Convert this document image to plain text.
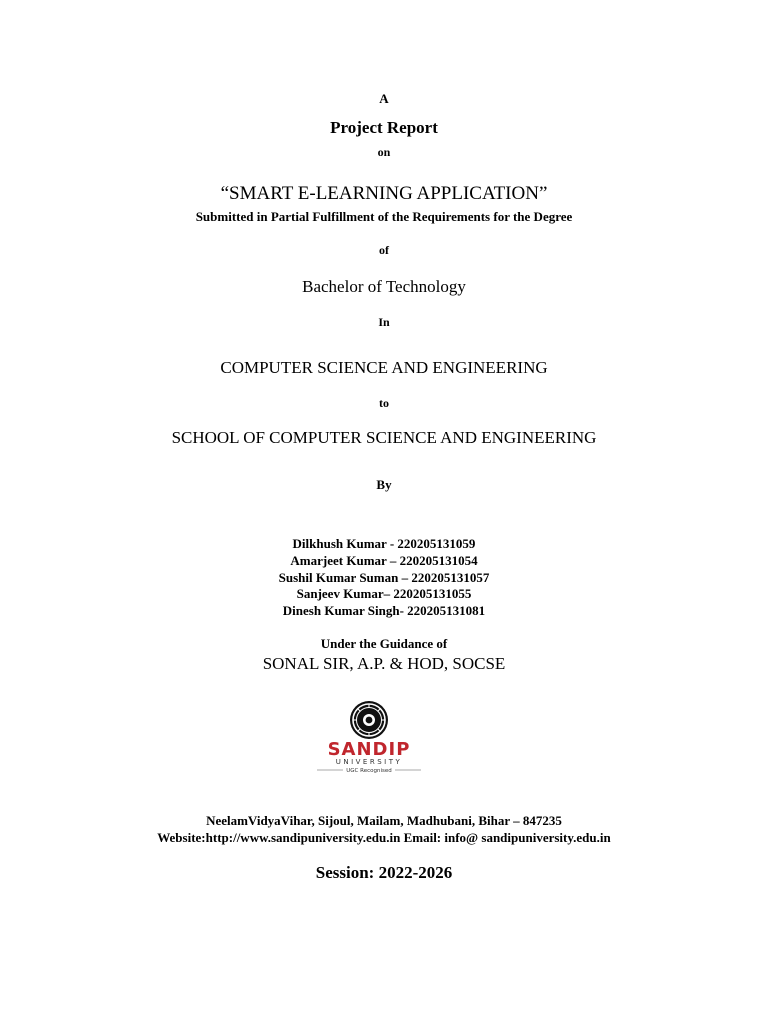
A
Project Report
on
“SMART E-LEARNING APPLICATION”
Submitted in Partial Fulfillment of the Requirements for the Degree
of
Bachelor of Technology
In
COMPUTER SCIENCE AND ENGINEERING
to
SCHOOL OF COMPUTER SCIENCE AND ENGINEERING
By
Dilkhush Kumar - 220205131059
Amarjeet Kumar – 220205131054
Sushil Kumar Suman – 220205131057
Sanjeev Kumar– 220205131055
Dinesh Kumar Singh- 220205131081
Under the Guidance of
SONAL SIR, A.P. & HOD, SOCSE
SANDIP
UNIVERSITY
UGC Recognised
NeelamVidyaVihar, Sijoul, Mailam, Madhubani, Bihar – 847235
Website:http://www.sandipuniversity.edu.in Email: info@ sandipuniversity.edu.in
Session: 2022-2026
